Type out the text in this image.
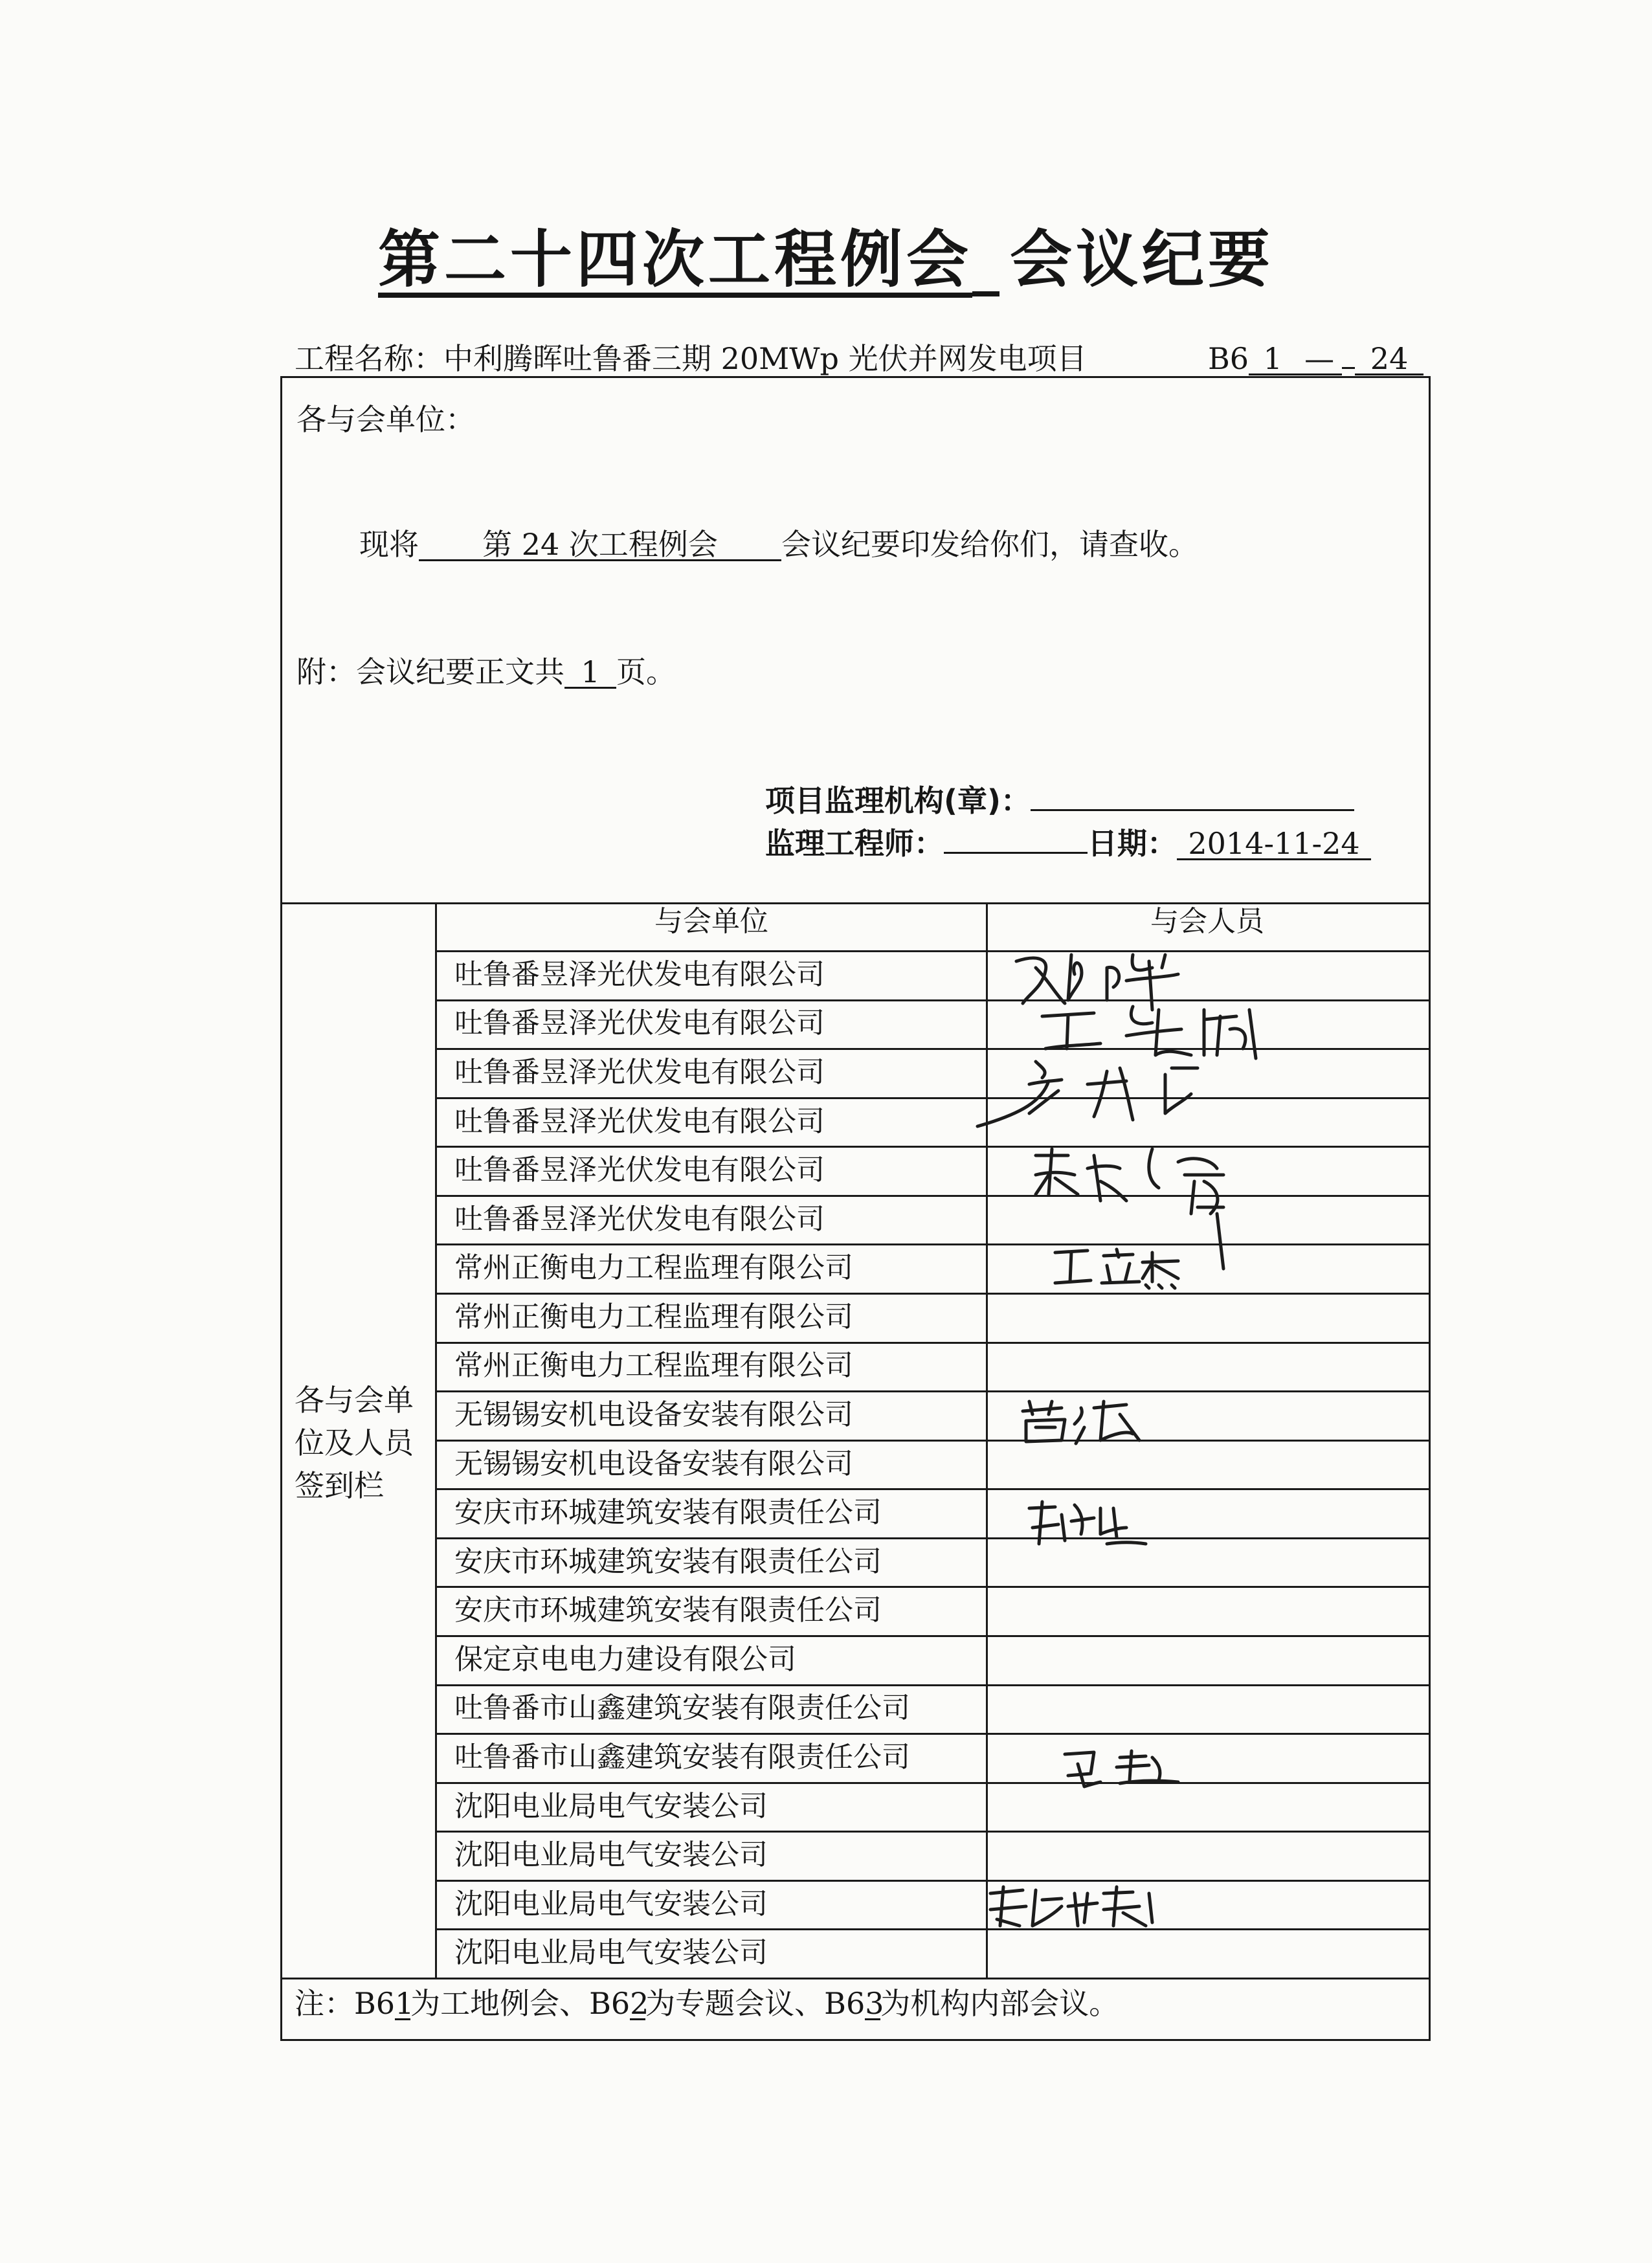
第二十四次工程例会 会议纪要
工程名称：中利腾晖吐鲁番三期 20MWp 光伏并网发电项目	B6 1 — 24
各与会单位：
现将 第 24 次工程例会 会议纪要印发给你们，请查收。
附：会议纪要正文共 1 页。
项目监理机构(章)：
监理工程师：	日期： 2014-11-24
各与会单
位及人员
签到栏
与会单位	与会人员
吐鲁番昱泽光伏发电有限公司
吐鲁番昱泽光伏发电有限公司
吐鲁番昱泽光伏发电有限公司
吐鲁番昱泽光伏发电有限公司
吐鲁番昱泽光伏发电有限公司
吐鲁番昱泽光伏发电有限公司
常州正衡电力工程监理有限公司
常州正衡电力工程监理有限公司
常州正衡电力工程监理有限公司
无锡锡安机电设备安装有限公司
无锡锡安机电设备安装有限公司
安庆市环城建筑安装有限责任公司
安庆市环城建筑安装有限责任公司
安庆市环城建筑安装有限责任公司
保定京电电力建设有限公司
吐鲁番市山鑫建筑安装有限责任公司
吐鲁番市山鑫建筑安装有限责任公司
沈阳电业局电气安装公司
沈阳电业局电气安装公司
沈阳电业局电气安装公司
沈阳电业局电气安装公司
注：B61为工地例会、B62为专题会议、B63为机构内部会议。
